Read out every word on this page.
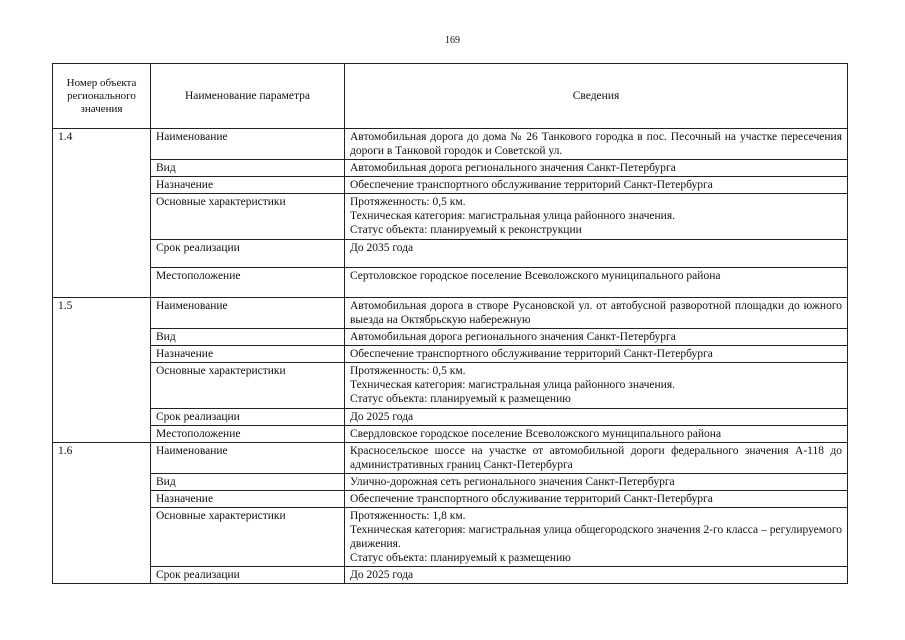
169
Номер объекта регионального значения	Наименование параметра	Сведения
1.4	Наименование	Автомобильная дорога до дома № 26 Танкового городка в пос. Песочный на участке пересечения дороги в Танковой городок и Советской ул.

	Вид	Автомобильная дорога регионального значения Санкт-Петербурга

	Назначение	Обеспечение транспортного обслуживание территорий Санкт-Петербурга

	Основные характеристики	Протяженность: 0,5 км.
Техническая категория: магистральная улица районного значения.
Статус объекта: планируемый к реконструкции

	Срок реализации	До 2035 года

	Местоположение	Сертоловское городское поселение Всеволожского муниципального района

1.5	Наименование	Автомобильная дорога в створе Русановской ул. от автобусной разворотной площадки до южного выезда на Октябрьскую набережную

	Вид	Автомобильная дорога регионального значения Санкт-Петербурга

	Назначение	Обеспечение транспортного обслуживание территорий Санкт-Петербурга

	Основные характеристики	Протяженность: 0,5 км.
Техническая категория: магистральная улица районного значения.
Статус объекта: планируемый к размещению

	Срок реализации	До 2025 года

	Местоположение	Свердловское городское поселение Всеволожского муниципального района

1.6	Наименование	Красносельское шоссе на участке от автомобильной дороги федерального значения А-118 до административных границ Санкт-Петербурга

	Вид	Улично-дорожная сеть регионального значения Санкт-Петербурга

	Назначение	Обеспечение транспортного обслуживание территорий Санкт-Петербурга

	Основные характеристики	Протяженность: 1,8 км.
Техническая категория: магистральная улица общегородского значения 2-го класса – регулируемого движения.
Статус объекта: планируемый к размещению

	Срок реализации	До 2025 года
